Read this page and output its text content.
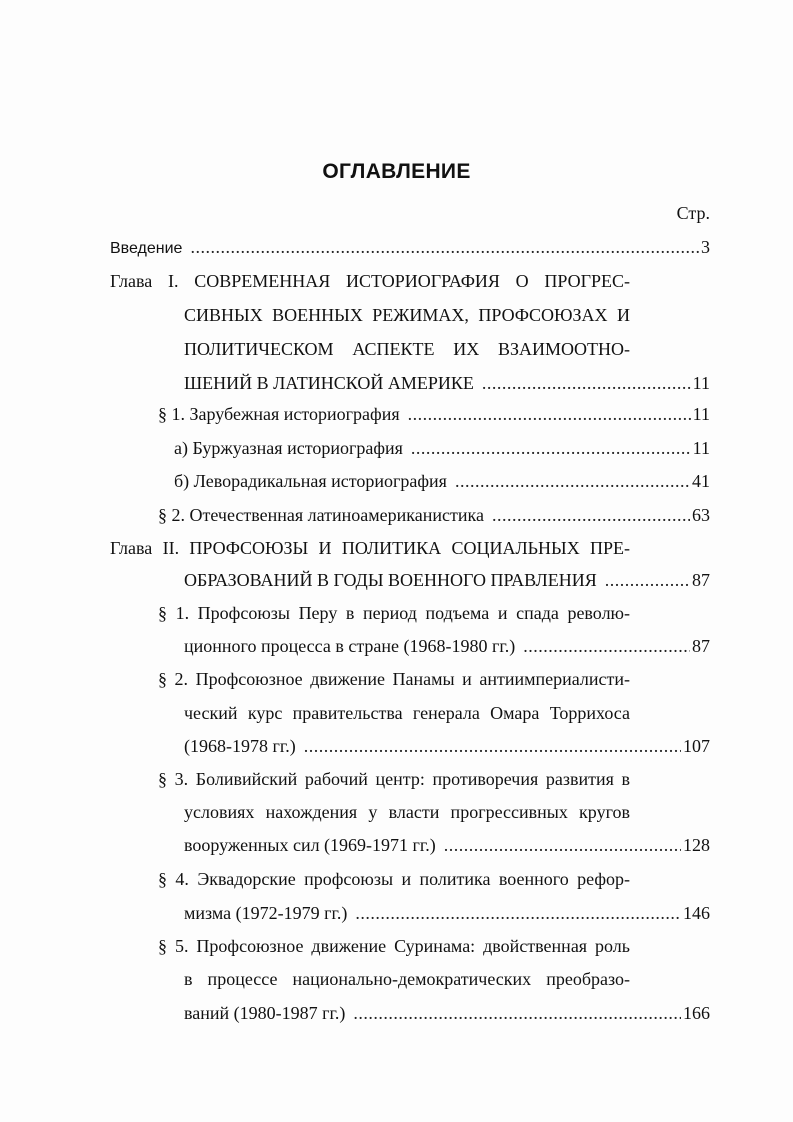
ОГЛАВЛЕНИЕ
Стр.
Введение .....	3
Глава I. СОВРЕМЕННАЯ ИСТОРИОГРАФИЯ О ПРОГРЕС-
СИВНЫХ ВОЕННЫХ РЕЖИМАХ, ПРОФСОЮЗАХ И
ПОЛИТИЧЕСКОМ АСПЕКТЕ ИХ ВЗАИМООТНО-
ШЕНИЙ В ЛАТИНСКОЙ АМЕРИКЕ .....	11
§ 1. Зарубежная историография .....	11
а) Буржуазная историография .....	11
б) Леворадикальная историография .....	41
§ 2. Отечественная латиноамериканистика .....	63
Глава II. ПРОФСОЮЗЫ И ПОЛИТИКА СОЦИАЛЬНЫХ ПРЕ-
ОБРАЗОВАНИЙ В ГОДЫ ВОЕННОГО ПРАВЛЕНИЯ .....	87
§ 1. Профсоюзы Перу в период подъема и спада револю-
ционного процесса в стране (1968-1980 гг.) .....	87
§ 2. Профсоюзное движение Панамы и антиимпериалисти-
ческий курс правительства генерала Омара Торрихоса
(1968-1978 гг.) .....	107
§ 3. Боливийский рабочий центр: противоречия развития в
условиях нахождения у власти прогрессивных кругов
вооруженных сил (1969-1971 гг.) .....	128
§ 4. Эквадорские профсоюзы и политика военного рефор-
мизма (1972-1979 гг.) .....	146
§ 5. Профсоюзное движение Суринама: двойственная роль
в процессе национально-демократических преобразо-
ваний (1980-1987 гг.) .....	166
